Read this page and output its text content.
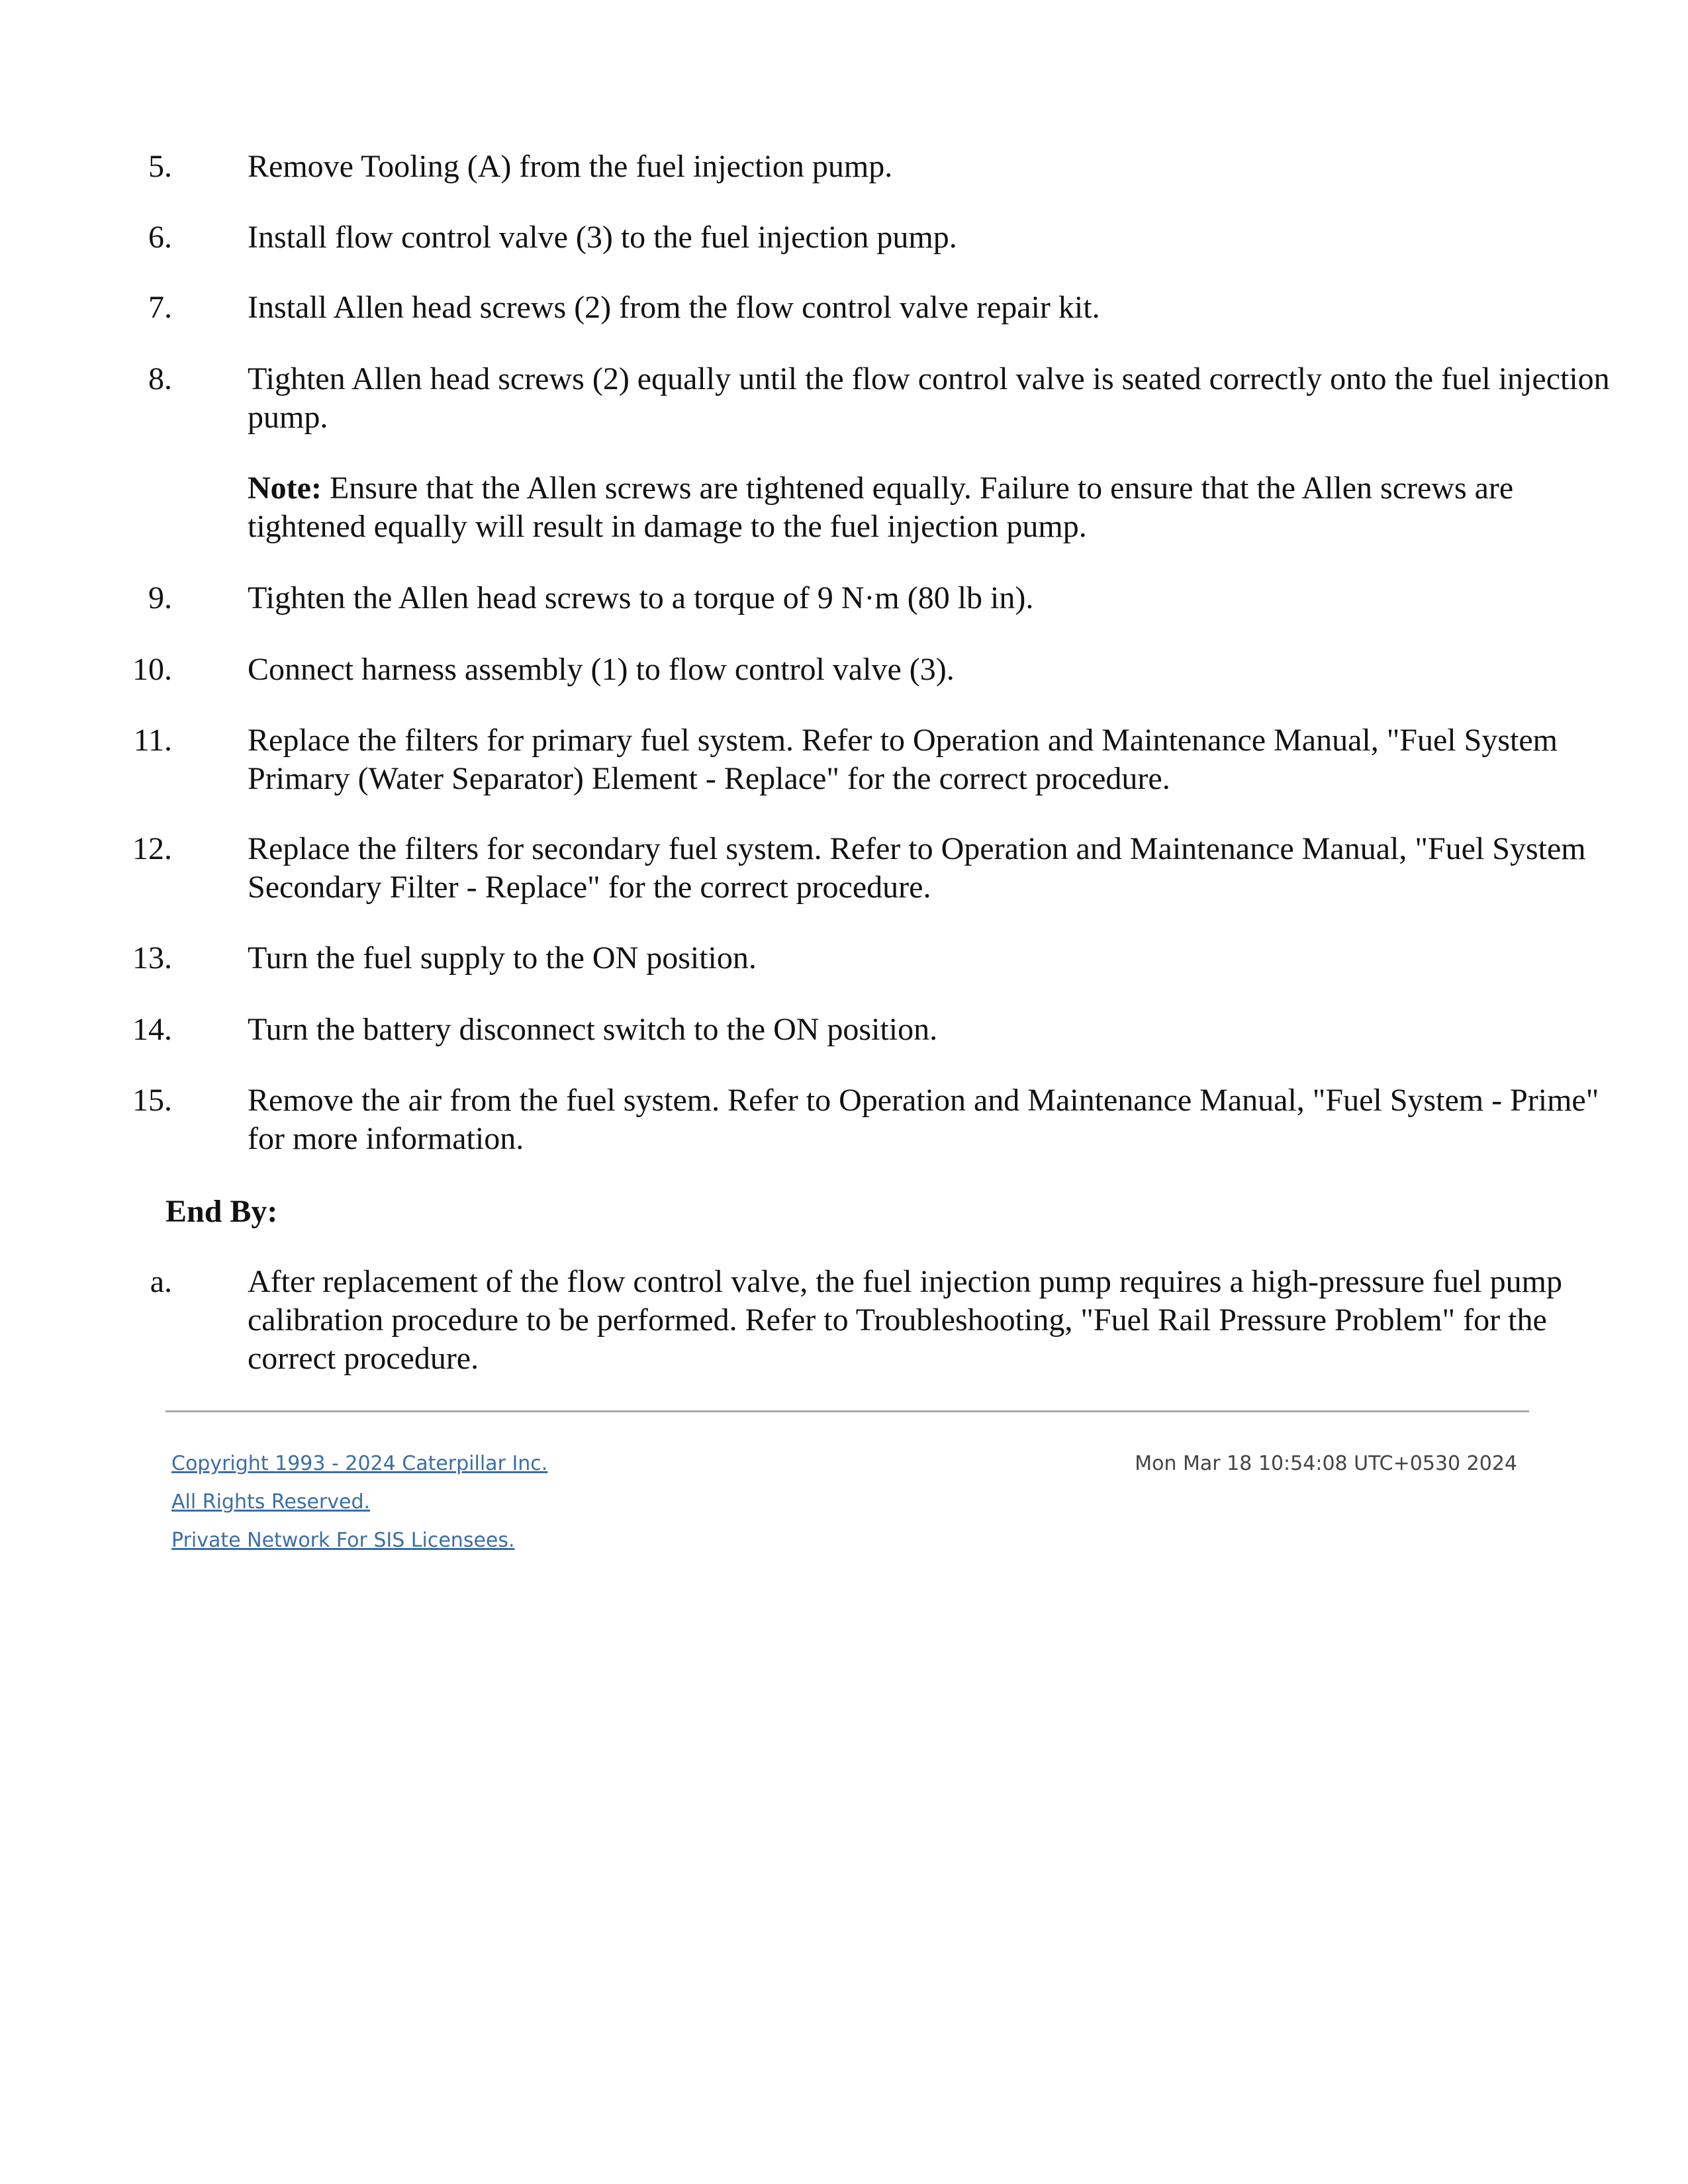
5. Remove Tooling (A) from the fuel injection pump.
6. Install flow control valve (3) to the fuel injection pump.
7. Install Allen head screws (2) from the flow control valve repair kit.
8. Tighten Allen head screws (2) equally until the flow control valve is seated correctly onto the fuel injection pump.
Note: Ensure that the Allen screws are tightened equally. Failure to ensure that the Allen screws are tightened equally will result in damage to the fuel injection pump.
9. Tighten the Allen head screws to a torque of 9 N·m (80 lb in).
10. Connect harness assembly (1) to flow control valve (3).
11. Replace the filters for primary fuel system. Refer to Operation and Maintenance Manual, "Fuel System Primary (Water Separator) Element - Replace" for the correct procedure.
12. Replace the filters for secondary fuel system. Refer to Operation and Maintenance Manual, "Fuel System Secondary Filter - Replace" for the correct procedure.
13. Turn the fuel supply to the ON position.
14. Turn the battery disconnect switch to the ON position.
15. Remove the air from the fuel system. Refer to Operation and Maintenance Manual, "Fuel System - Prime" for more information.
End By:
a. After replacement of the flow control valve, the fuel injection pump requires a high-pressure fuel pump calibration procedure to be performed. Refer to Troubleshooting, "Fuel Rail Pressure Problem" for the correct procedure.
Copyright 1993 - 2024 Caterpillar Inc.
All Rights Reserved.
Private Network For SIS Licensees.
Mon Mar 18 10:54:08 UTC+0530 2024
